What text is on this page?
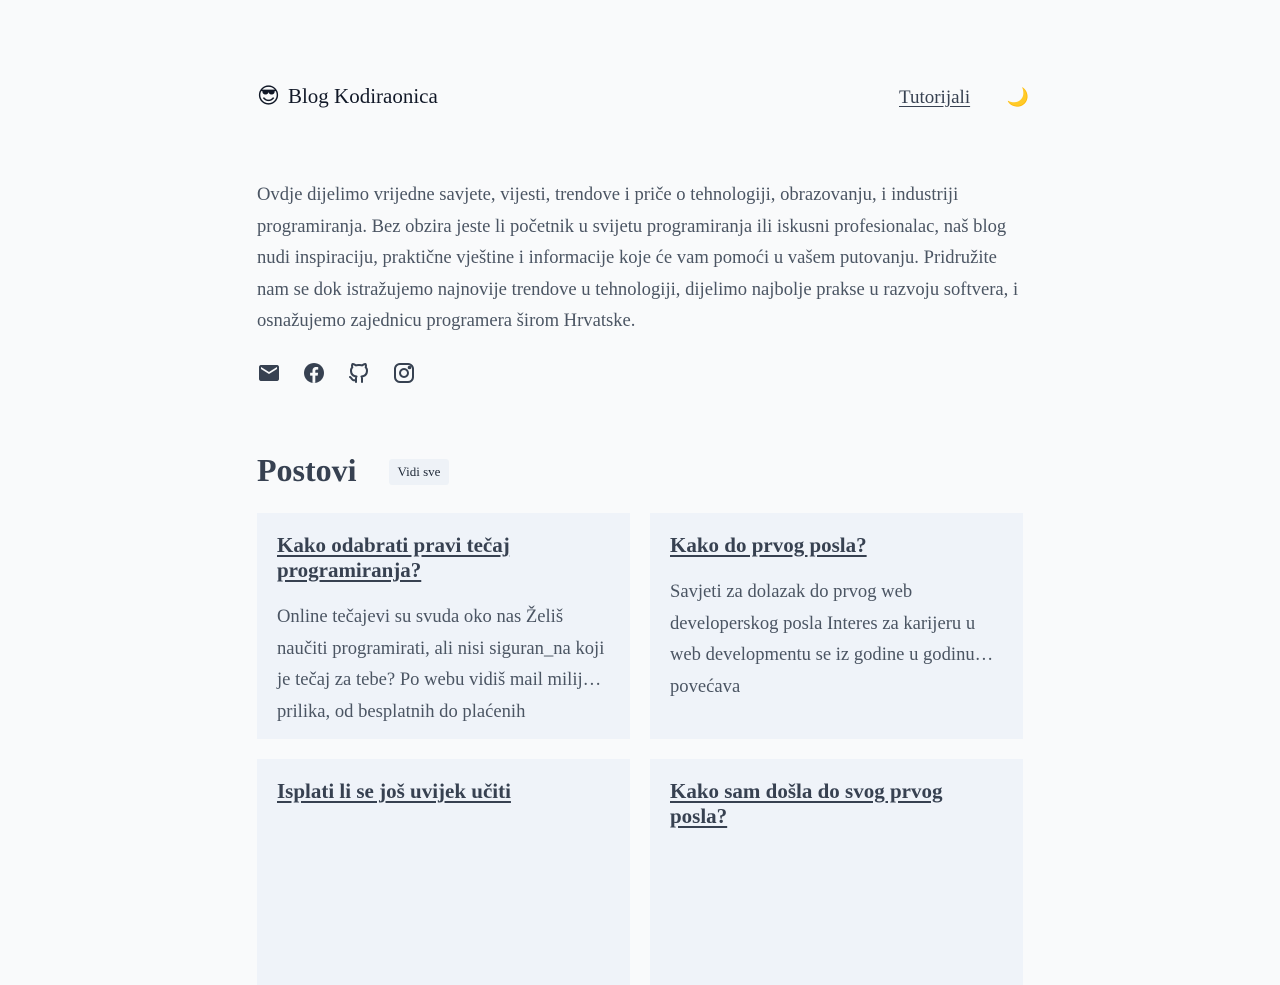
😎 Blog Kodiraonica	Tutorijali 🌙

Ovdje dijelimo vrijedne savjete, vijesti, trendove i priče o tehnologiji, obrazovanju, i industriji programiranja. Bez obzira jeste li početnik u svijetu programiranja ili iskusni profesionalac, naš blog nudi inspiraciju, praktične vještine i informacije koje će vam pomoći u vašem putovanju. Pridružite nam se dok istražujemo najnovije trendove u tehnologiji, dijelimo najbolje prakse u razvoju softvera, i osnažujemo zajednicu programera širom Hrvatske.

Postovi	Vidi sve
Kako odabrati pravi tečaj programiranja?

Online tečajevi su svuda oko nas Želiš naučiti programirati, ali nisi siguran_na koji je tečaj za tebe? Po webu vidiš mail milijun prilika, od besplatnih do plaćenih

Kako do prvog posla?

Savjeti za dolazak do prvog web developerskog posla Interes za karijeru u web developmentu se iz godine u godinu povećava

Isplati li se još uvijek učiti	Kako sam došla do svog prvog posla?
